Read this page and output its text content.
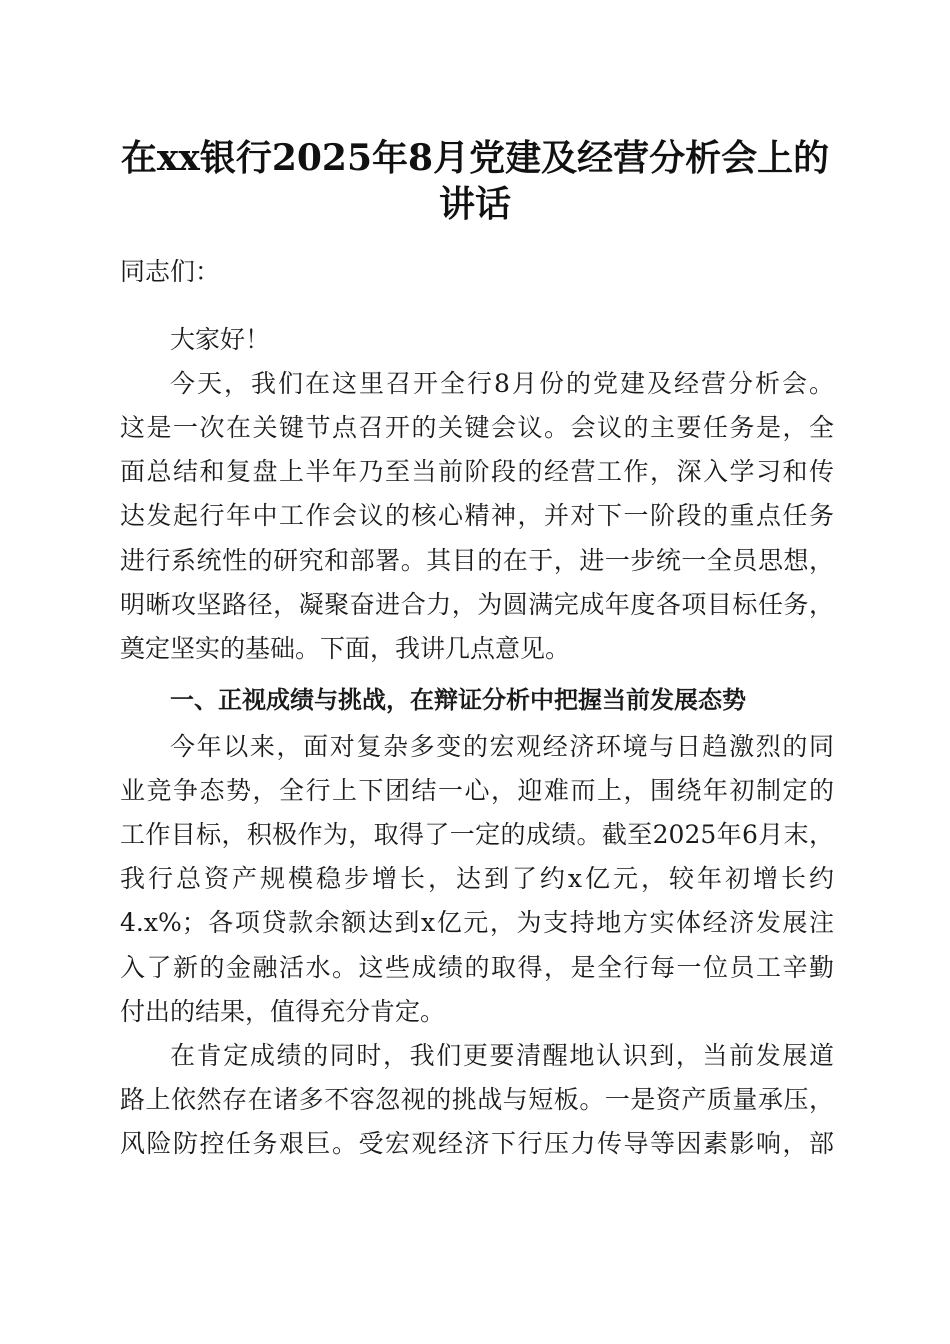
在xx银行2025年8月党建及经营分析会上的
讲话
同志们：
大家好！
今天，我们在这里召开全行8月份的党建及经营分析会。
这是一次在关键节点召开的关键会议。会议的主要任务是，全
面总结和复盘上半年乃至当前阶段的经营工作，深入学习和传
达发起行年中工作会议的核心精神，并对下一阶段的重点任务
进行系统性的研究和部署。其目的在于，进一步统一全员思想，
明晰攻坚路径，凝聚奋进合力，为圆满完成年度各项目标任务，
奠定坚实的基础。下面，我讲几点意见。
一、正视成绩与挑战，在辩证分析中把握当前发展态势
今年以来，面对复杂多变的宏观经济环境与日趋激烈的同
业竞争态势，全行上下团结一心，迎难而上，围绕年初制定的
工作目标，积极作为，取得了一定的成绩。截至2025年6月末，
我行总资产规模稳步增长，达到了约x亿元，较年初增长约
4.x%；各项贷款余额达到x亿元，为支持地方实体经济发展注
入了新的金融活水。这些成绩的取得，是全行每一位员工辛勤
付出的结果，值得充分肯定。
在肯定成绩的同时，我们更要清醒地认识到，当前发展道
路上依然存在诸多不容忽视的挑战与短板。一是资产质量承压，
风险防控任务艰巨。受宏观经济下行压力传导等因素影响，部
